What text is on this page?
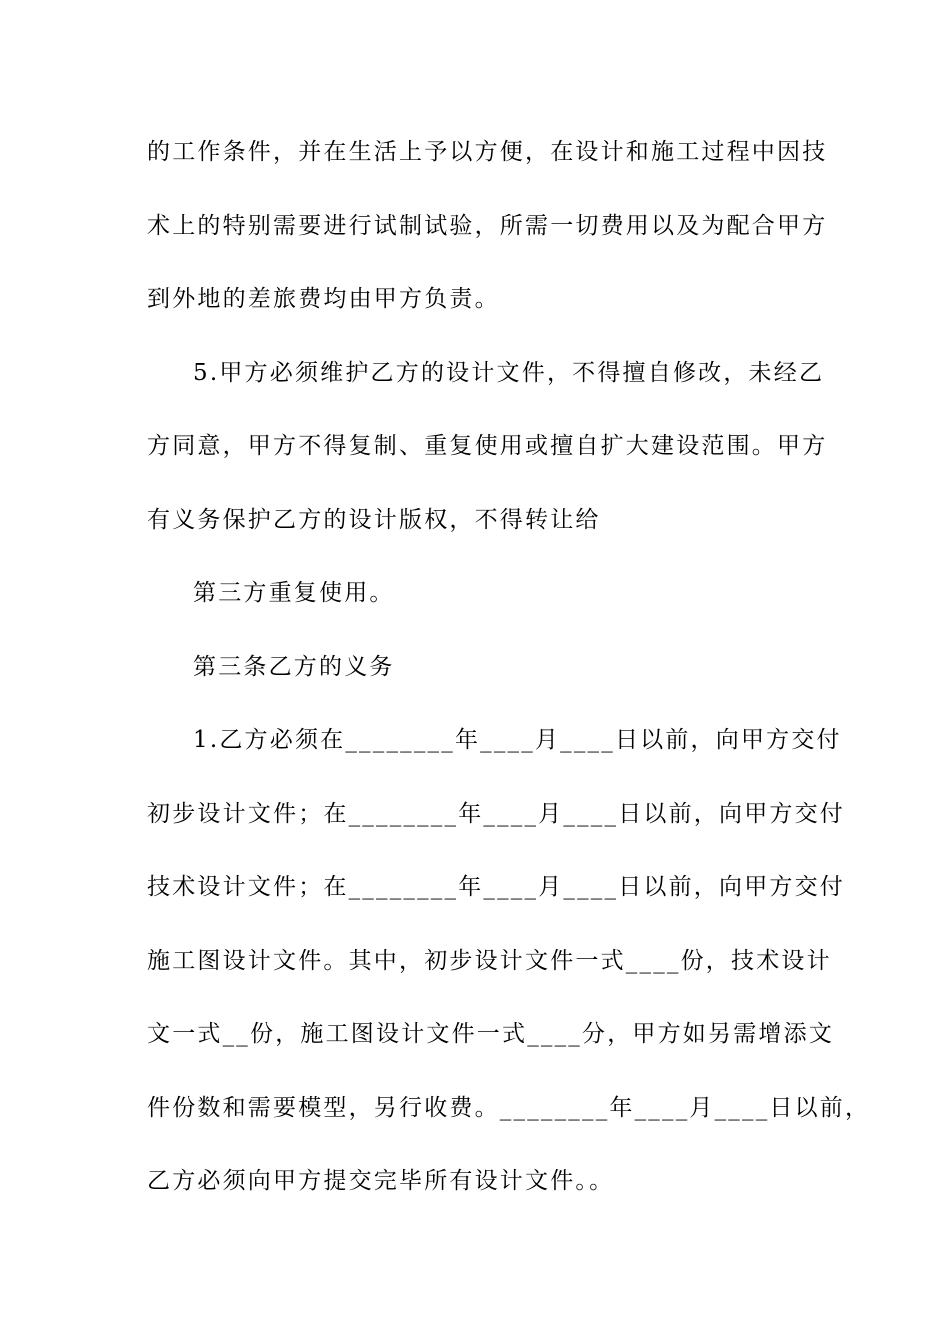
的工作条件，并在生活上予以方便，在设计和施工过程中因技
术上的特别需要进行试制试验，所需一切费用以及为配合甲方
到外地的差旅费均由甲方负责。
5.甲方必须维护乙方的设计文件，不得擅自修改，未经乙
方同意，甲方不得复制、重复使用或擅自扩大建设范围。甲方
有义务保护乙方的设计版权，不得转让给
第三方重复使用。
第三条乙方的义务
1.乙方必须在________年____月____日以前，向甲方交付
初步设计文件；在________年____月____日以前，向甲方交付
技术设计文件；在________年____月____日以前，向甲方交付
施工图设计文件。其中，初步设计文件一式____份，技术设计
文一式__份，施工图设计文件一式____分，甲方如另需增添文
件份数和需要模型，另行收费。________年____月____日以前，
乙方必须向甲方提交完毕所有设计文件。。
